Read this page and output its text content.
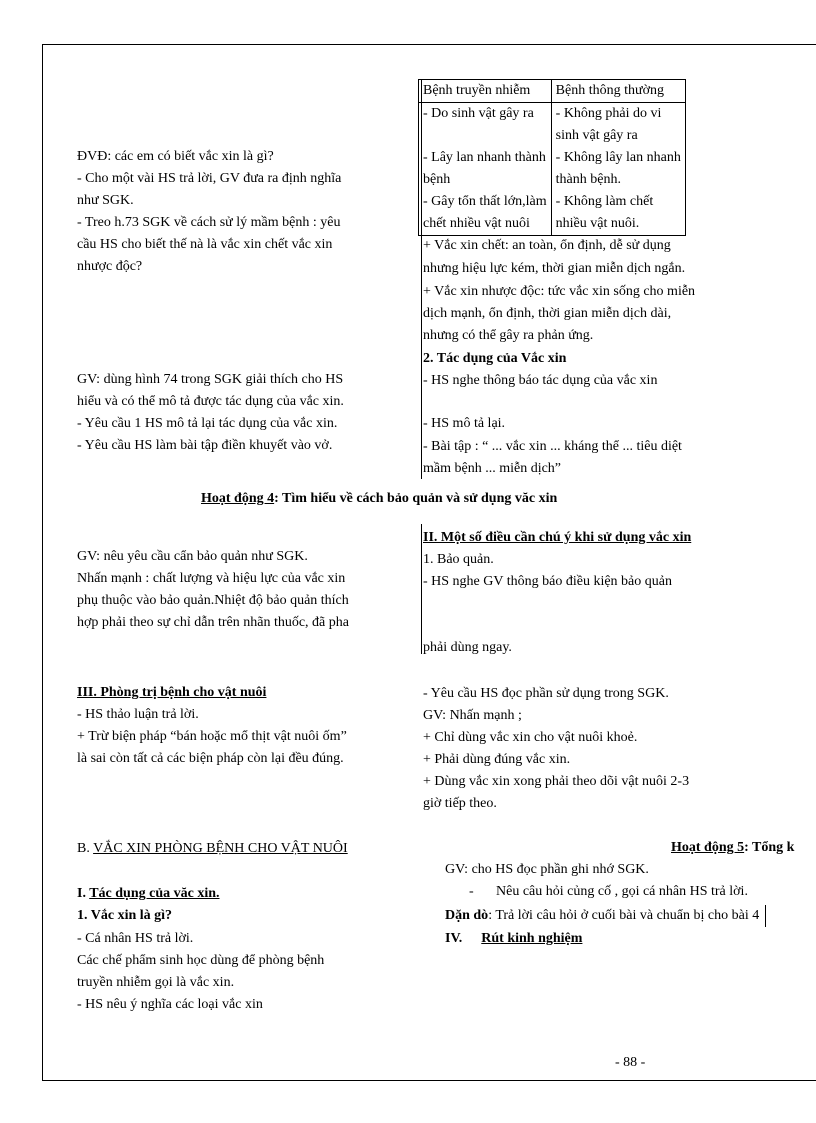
Bệnh truyền nhiễm	Bệnh thông thường
- Do sinh vật gây ra	- Không phải do vi
	sinh vật gây ra
- Lây lan nhanh thành	- Không lây lan nhanh
bệnh	thành bệnh.
- Gây tổn thất lớn,làm	- Không làm chết
chết nhiều vật nuôi	nhiều vật nuôi.
ĐVĐ: các em có biết vắc xin là gì?
- Cho một vài HS trả lời, GV đưa ra định nghĩa
như SGK.
- Treo h.73 SGK về cách sử lý mầm bệnh : yêu
cầu HS cho biết thế nà là vắc xin chết vắc xin
nhược độc?
GV: dùng hình 74 trong SGK giải thích cho HS
hiểu và có thể mô tả được tác dụng của vắc xin.
- Yêu cầu 1 HS mô tả lại tác dụng của vắc xin.
- Yêu cầu HS làm bài tập điền khuyết vào vở.
+ Vắc xin chết: an toàn, ổn định, dễ sử dụng
nhưng hiệu lực kém, thời gian miễn dịch ngắn.
+ Vắc xin nhược độc: tức vắc xin sống cho miễn
dịch mạnh, ổn định, thời gian miễn dịch dài,
nhưng có thể gây ra phản ứng.
2. Tác dụng của Vắc xin
- HS nghe thông báo tác dụng của vắc xin
- HS mô tả lại.
- Bài tập : “ ... vắc xin ... kháng thể ... tiêu diệt
mầm bệnh ... miễn dịch”
Hoạt động 4: Tìm hiểu về cách bảo quản và sử dụng văc xin
GV: nêu yêu cầu cẩn bảo quản như SGK.
Nhấn mạnh : chất lượng và hiệu lực của vắc xin
phụ thuộc vào bảo quản.Nhiệt độ bảo quản thích
hợp phải theo sự chỉ dẫn trên nhãn thuốc, đã pha
II. Một số điều cần chú ý khi sử dụng vắc xin
1. Bảo quản.
- HS nghe GV thông báo điều kiện bảo quản
phải dùng ngay.
III. Phòng trị bệnh cho vật nuôi
- HS thảo luận trả lời.
+ Trừ biện pháp “bán hoặc mổ thịt vật nuôi ốm”
là sai còn tất cả các biện pháp còn lại đều đúng.
- Yêu cầu HS đọc phần sử dụng trong SGK.
GV: Nhấn mạnh ;
+ Chỉ dùng vắc xin cho vật nuôi khoẻ.
+ Phải dùng đúng vắc xin.
+ Dùng vắc xin xong phải theo dõi vật nuôi 2-3
giờ tiếp theo.
B. VẮC XIN PHÒNG BỆNH CHO VẬT NUÔI
I. Tác dụng của văc xin.
1. Vắc xin là gì?
- Cá nhân HS trả lời.
Các chế phẩm sinh học dùng để phòng bệnh
truyền nhiễm gọi là vắc xin.
- HS nêu ý nghĩa các loại vắc xin
Hoạt động 5: Tổng k
GV: cho HS đọc phần ghi nhớ SGK.
- Nêu câu hỏi củng cố , gọi cá nhân HS trả lời.
Dặn dò: Trả lời câu hỏi ở cuối bài và chuẩn bị cho bài 4
IV. Rút kinh nghiệm
- 88 -
